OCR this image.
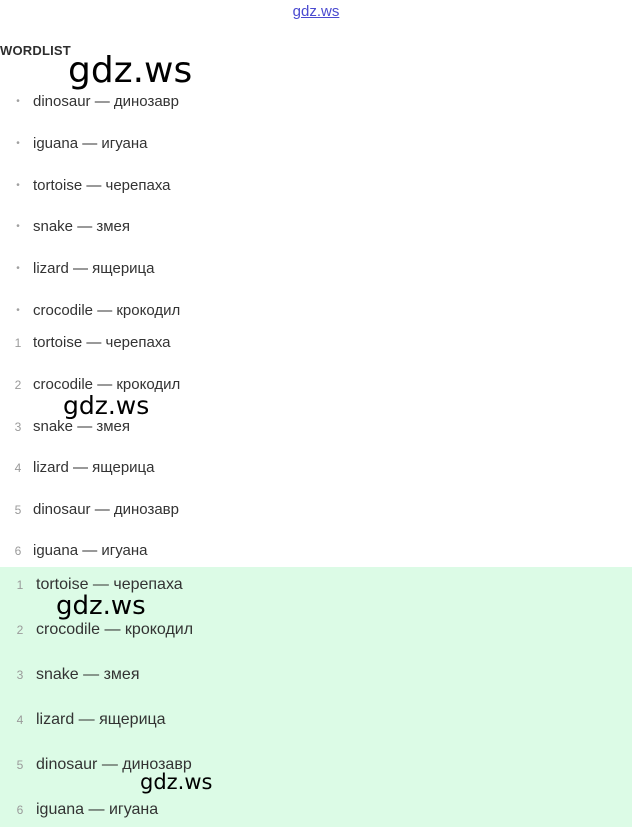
gdz.ws
WORDLIST
• dinosaur — динозавр
• iguana — игуана
• tortoise — черепаха
• snake — змея
• lizard — ящерица
• crocodile — крокодил
1 tortoise — черепаха
2 crocodile — крокодил
3 snake — змея
4 lizard — ящерица
5 dinosaur — динозавр
6 iguana — игуана
1 tortoise — черепаха
2 crocodile — крокодил
3 snake — змея
4 lizard — ящерица
5 dinosaur — динозавр
6 iguana — игуана
gdz.ws
gdz.ws
gdz.ws
gdz.ws
